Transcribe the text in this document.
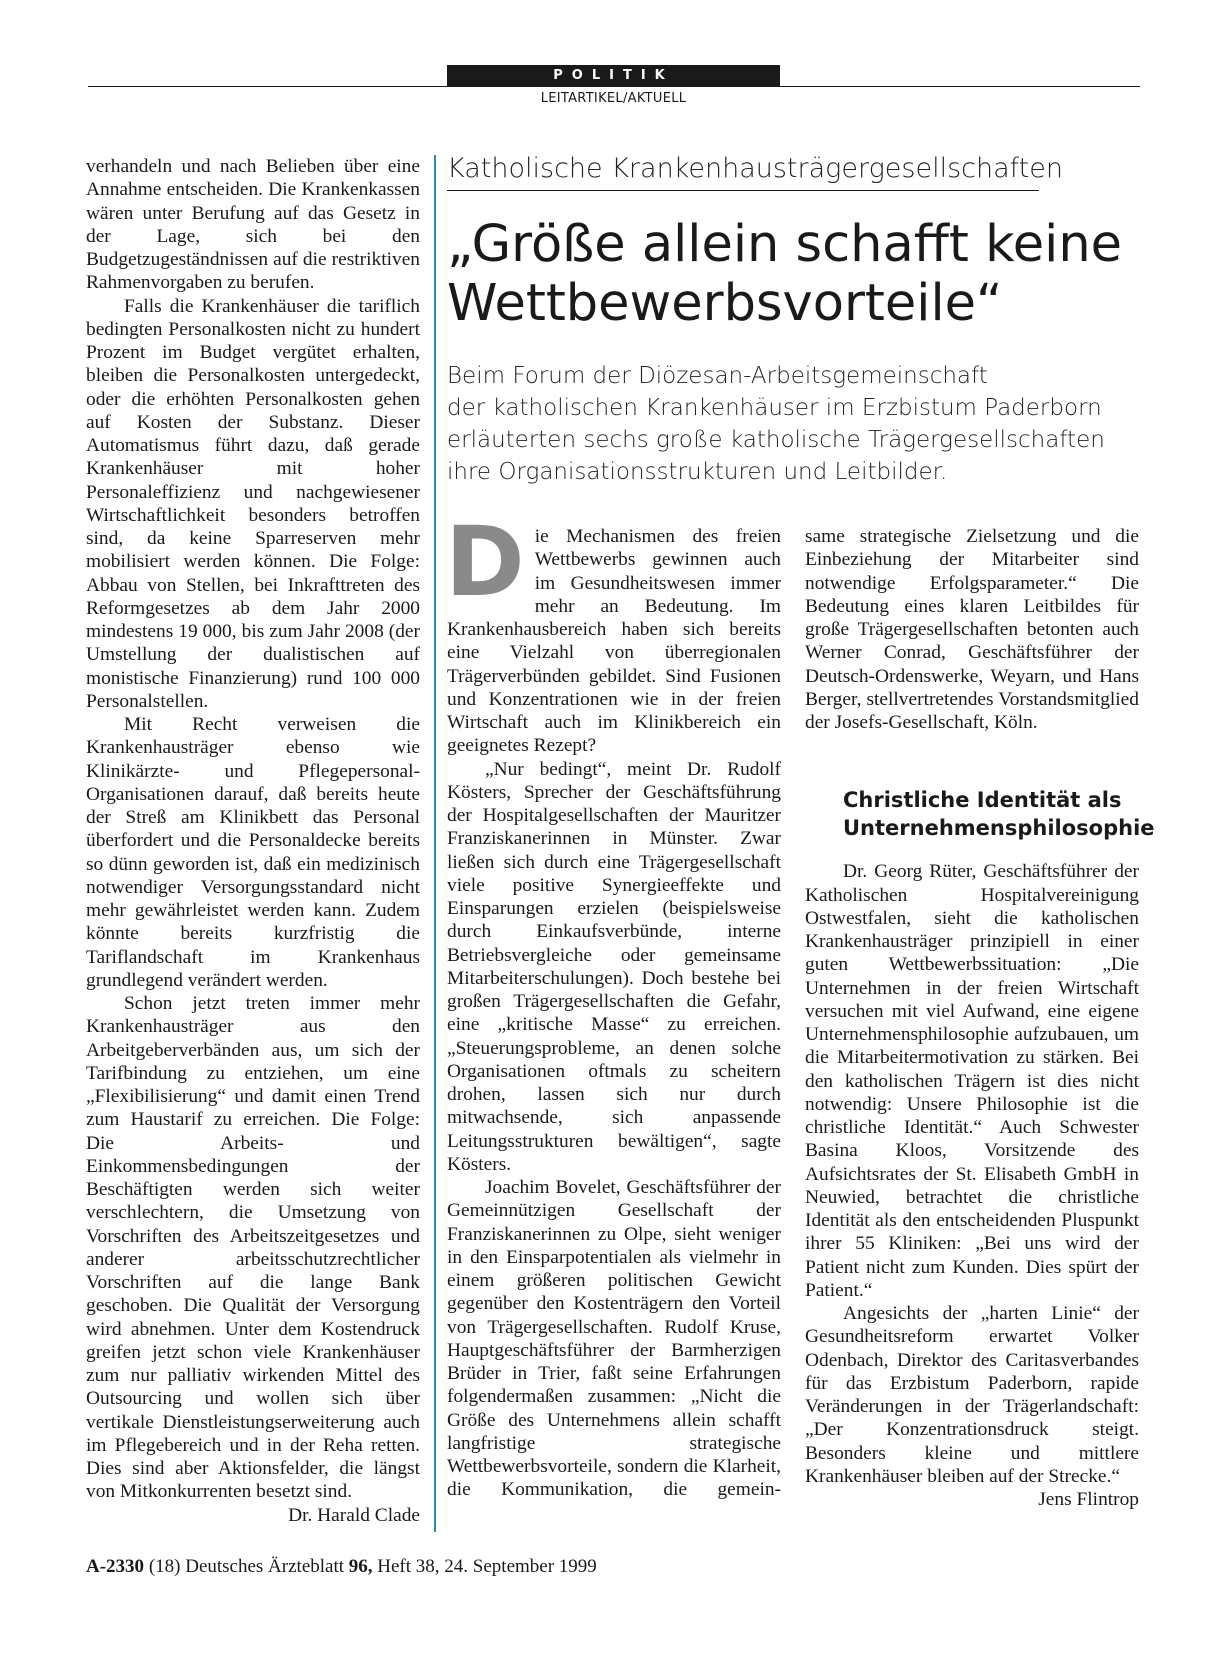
POLITIK
LEITARTIKEL/AKTUELL

verhandeln und nach Belieben über eine Annahme entscheiden. Die Krankenkassen wären unter Berufung auf das Gesetz in der Lage, sich bei den Budgetzugeständnissen auf die restriktiven Rahmenvorgaben zu berufen.

Falls die Krankenhäuser die tariflich bedingten Personalkosten nicht zu hundert Prozent im Budget vergütet erhalten, bleiben die Personalkosten untergedeckt, oder die erhöhten Personalkosten gehen auf Kosten der Substanz. Dieser Automatismus führt dazu, daß gerade Krankenhäuser mit hoher Personaleffizienz und nachgewiesener Wirtschaftlichkeit besonders betroffen sind, da keine Sparreserven mehr mobilisiert werden können. Die Folge: Abbau von Stellen, bei Inkrafttreten des Reformgesetzes ab dem Jahr 2000 mindestens 19 000, bis zum Jahr 2008 (der Umstellung der dualistischen auf monistische Finanzierung) rund 100 000 Personalstellen.

Mit Recht verweisen die Krankenhausträger ebenso wie Klinikärzte- und Pflegepersonal-Organisationen darauf, daß bereits heute der Streß am Klinikbett das Personal überfordert und die Personaldecke bereits so dünn geworden ist, daß ein medizinisch notwendiger Versorgungsstandard nicht mehr gewährleistet werden kann. Zudem könnte bereits kurzfristig die Tariflandschaft im Krankenhaus grundlegend verändert werden.

Schon jetzt treten immer mehr Krankenhausträger aus den Arbeitgeberverbänden aus, um sich der Tarifbindung zu entziehen, um eine „Flexibilisierung“ und damit einen Trend zum Haustarif zu erreichen. Die Folge: Die Arbeits- und Einkommensbedingungen der Beschäftigten werden sich weiter verschlechtern, die Umsetzung von Vorschriften des Arbeitszeitgesetzes und anderer arbeitsschutzrechtlicher Vorschriften auf die lange Bank geschoben. Die Qualität der Versorgung wird abnehmen. Unter dem Kostendruck greifen jetzt schon viele Krankenhäuser zum nur palliativ wirkenden Mittel des Outsourcing und wollen sich über vertikale Dienstleistungserweiterung auch im Pflegebereich und in der Reha retten. Dies sind aber Aktionsfelder, die längst von Mitkonkurrenten besetzt sind.
Dr. Harald Clade

Katholische Krankenhausträgergesellschaften
„Größe allein schafft keine
Wettbewerbsvorteile“
Beim Forum der Diözesan-Arbeitsgemeinschaft
der katholischen Krankenhäuser im Erzbistum Paderborn
erläuterten sechs große katholische Trägergesellschaften
ihre Organisationsstrukturen und Leitbilder.

Die Mechanismen des freien Wettbewerbs gewinnen auch im Gesundheitswesen immer mehr an Bedeutung. Im Krankenhausbereich haben sich bereits eine Vielzahl von überregionalen Trägerverbünden gebildet. Sind Fusionen und Konzentrationen wie in der freien Wirtschaft auch im Klinikbereich ein geeignetes Rezept?

„Nur bedingt“, meint Dr. Rudolf Kösters, Sprecher der Geschäftsführung der Hospitalgesellschaften der Mauritzer Franziskanerinnen in Münster. Zwar ließen sich durch eine Trägergesellschaft viele positive Synergieeffekte und Einsparungen erzielen (beispielsweise durch Einkaufsverbünde, interne Betriebsvergleiche oder gemeinsame Mitarbeiterschulungen). Doch bestehe bei großen Trägergesellschaften die Gefahr, eine „kritische Masse“ zu erreichen. „Steuerungsprobleme, an denen solche Organisationen oftmals zu scheitern drohen, lassen sich nur durch mitwachsende, sich anpassende Leitungsstrukturen bewältigen“, sagte Kösters.

Joachim Bovelet, Geschäftsführer der Gemeinnützigen Gesellschaft der Franziskanerinnen zu Olpe, sieht weniger in den Einsparpotentialen als vielmehr in einem größeren politischen Gewicht gegenüber den Kostenträgern den Vorteil von Trägergesellschaften. Rudolf Kruse, Hauptgeschäftsführer der Barmherzigen Brüder in Trier, faßt seine Erfahrungen folgendermaßen zusammen: „Nicht die Größe des Unternehmens allein schafft langfristige strategische Wettbewerbsvorteile, sondern die Klarheit, die Kommunikation, die gemein-

same strategische Zielsetzung und die Einbeziehung der Mitarbeiter sind notwendige Erfolgsparameter.“ Die Bedeutung eines klaren Leitbildes für große Trägergesellschaften betonten auch Werner Conrad, Geschäftsführer der Deutsch-Ordenswerke, Weyarn, und Hans Berger, stellvertretendes Vorstandsmitglied der Josefs-Gesellschaft, Köln.

Christliche Identität als
Unternehmensphilosophie

Dr. Georg Rüter, Geschäftsführer der Katholischen Hospitalvereinigung Ostwestfalen, sieht die katholischen Krankenhausträger prinzipiell in einer guten Wettbewerbssituation: „Die Unternehmen in der freien Wirtschaft versuchen mit viel Aufwand, eine eigene Unternehmensphilosophie aufzubauen, um die Mitarbeitermotivation zu stärken. Bei den katholischen Trägern ist dies nicht notwendig: Unsere Philosophie ist die christliche Identität.“ Auch Schwester Basina Kloos, Vorsitzende des Aufsichtsrates der St. Elisabeth GmbH in Neuwied, betrachtet die christliche Identität als den entscheidenden Pluspunkt ihrer 55 Kliniken: „Bei uns wird der Patient nicht zum Kunden. Dies spürt der Patient.“

Angesichts der „harten Linie“ der Gesundheitsreform erwartet Volker Odenbach, Direktor des Caritasverbandes für das Erzbistum Paderborn, rapide Veränderungen in der Trägerlandschaft: „Der Konzentrationsdruck steigt. Besonders kleine und mittlere Krankenhäuser bleiben auf der Strecke.“
Jens Flintrop

A-2330 (18) Deutsches Ärzteblatt 96, Heft 38, 24. September 1999
